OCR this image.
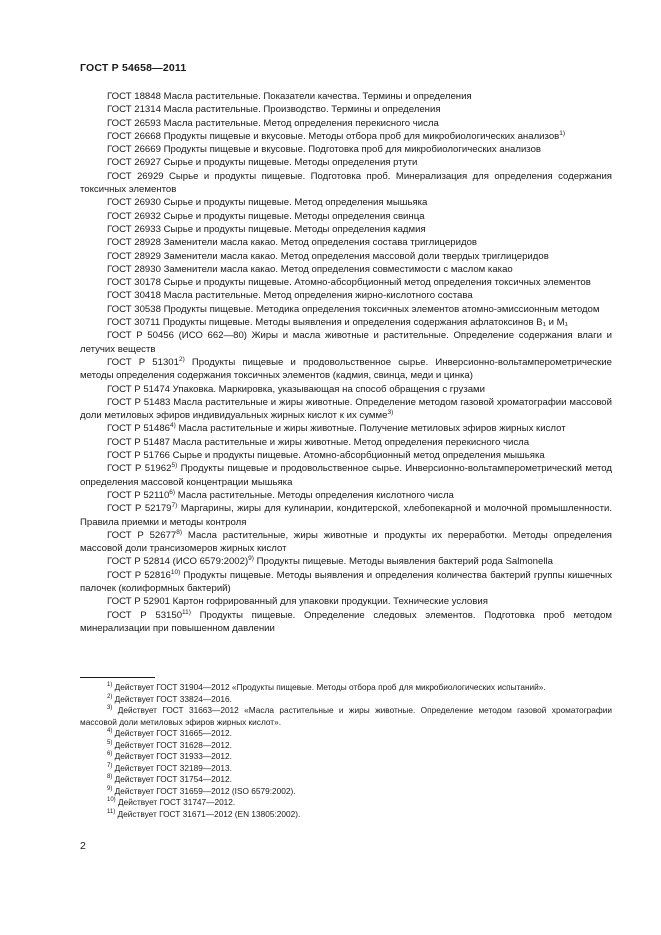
ГОСТ Р 54658—2011

ГОСТ 18848 Масла растительные. Показатели качества. Термины и определения

ГОСТ 21314 Масла растительные. Производство. Термины и определения

ГОСТ 26593 Масла растительные. Метод определения перекисного числа

ГОСТ 26668 Продукты пищевые и вкусовые. Методы отбора проб для микробиологических анализов$^{1)}$

ГОСТ 26669 Продукты пищевые и вкусовые. Подготовка проб для микробиологических анализов

ГОСТ 26927 Сырье и продукты пищевые. Методы определения ртути

ГОСТ 26929 Сырье и продукты пищевые. Подготовка проб. Минерализация для определения содержания токсичных элементов

ГОСТ 26930 Сырье и продукты пищевые. Метод определения мышьяка

ГОСТ 26932 Сырье и продукты пищевые. Методы определения свинца

ГОСТ 26933 Сырье и продукты пищевые. Методы определения кадмия

ГОСТ 28928 Заменители масла какао. Метод определения состава триглицеридов

ГОСТ 28929 Заменители масла какао. Метод определения массовой доли твердых триглицеридов

ГОСТ 28930 Заменители масла какао. Метод определения совместимости с маслом какао

ГОСТ 30178 Сырье и продукты пищевые. Атомно-абсорбционный метод определения токсичных элементов

ГОСТ 30418 Масла растительные. Метод определения жирно-кислотного состава

ГОСТ 30538 Продукты пищевые. Методика определения токсичных элементов атомно-эмиссионным методом

ГОСТ 30711 Продукты пищевые. Методы выявления и определения содержания афлатоксинов B₁ и M₁

ГОСТ Р 50456 (ИСО 662—80) Жиры и масла животные и растительные. Определение содержания влаги и летучих веществ

ГОСТ Р 51301$^{2)}$ Продукты пищевые и продовольственное сырье. Инверсионно-вольтамперометрические методы определения содержания токсичных элементов (кадмия, свинца, меди и цинка)

ГОСТ Р 51474 Упаковка. Маркировка, указывающая на способ обращения с грузами

ГОСТ Р 51483 Масла растительные и жиры животные. Определение методом газовой хроматографии массовой доли метиловых эфиров индивидуальных жирных кислот к их сумме$^{3)}$

ГОСТ Р 51486$^{4)}$ Масла растительные и жиры животные. Получение метиловых эфиров жирных кислот

ГОСТ Р 51487 Масла растительные и жиры животные. Метод определения перекисного числа

ГОСТ Р 51766 Сырье и продукты пищевые. Атомно-абсорбционный метод определения мышьяка

ГОСТ Р 51962$^{5)}$ Продукты пищевые и продовольственное сырье. Инверсионно-вольтамперометрический метод определения массовой концентрации мышьяка

ГОСТ Р 52110$^{6)}$ Масла растительные. Методы определения кислотного числа

ГОСТ Р 52179$^{7)}$ Маргарины, жиры для кулинарии, кондитерской, хлебопекарной и молочной промышленности. Правила приемки и методы контроля

ГОСТ Р 52677$^{8)}$ Масла растительные, жиры животные и продукты их переработки. Методы определения массовой доли трансизомеров жирных кислот

ГОСТ Р 52814 (ИСО 6579:2002)$^{9)}$ Продукты пищевые. Методы выявления бактерий рода Salmonella

ГОСТ Р 52816$^{10)}$ Продукты пищевые. Методы выявления и определения количества бактерий группы кишечных палочек (колиформных бактерий)

ГОСТ Р 52901 Картон гофрированный для упаковки продукции. Технические условия

ГОСТ Р 53150$^{11)}$ Продукты пищевые. Определение следовых элементов. Подготовка проб методом минерализации при повышенном давлении

$^{1)}$ Действует ГОСТ 31904—2012 «Продукты пищевые. Методы отбора проб для микробиологических испытаний».

$^{2)}$ Действует ГОСТ 33824—2016.

$^{3)}$ Действует ГОСТ 31663—2012 «Масла растительные и жиры животные. Определение методом газовой хроматографии массовой доли метиловых эфиров жирных кислот».

$^{4)}$ Действует ГОСТ 31665—2012.

$^{5)}$ Действует ГОСТ 31628—2012.

$^{6)}$ Действует ГОСТ 31933—2012.

$^{7)}$ Действует ГОСТ 32189—2013.

$^{8)}$ Действует ГОСТ 31754—2012.

$^{9)}$ Действует ГОСТ 31659—2012 (ISO 6579:2002).

$^{10)}$ Действует ГОСТ 31747—2012.

$^{11)}$ Действует ГОСТ 31671—2012 (EN 13805:2002).

2
